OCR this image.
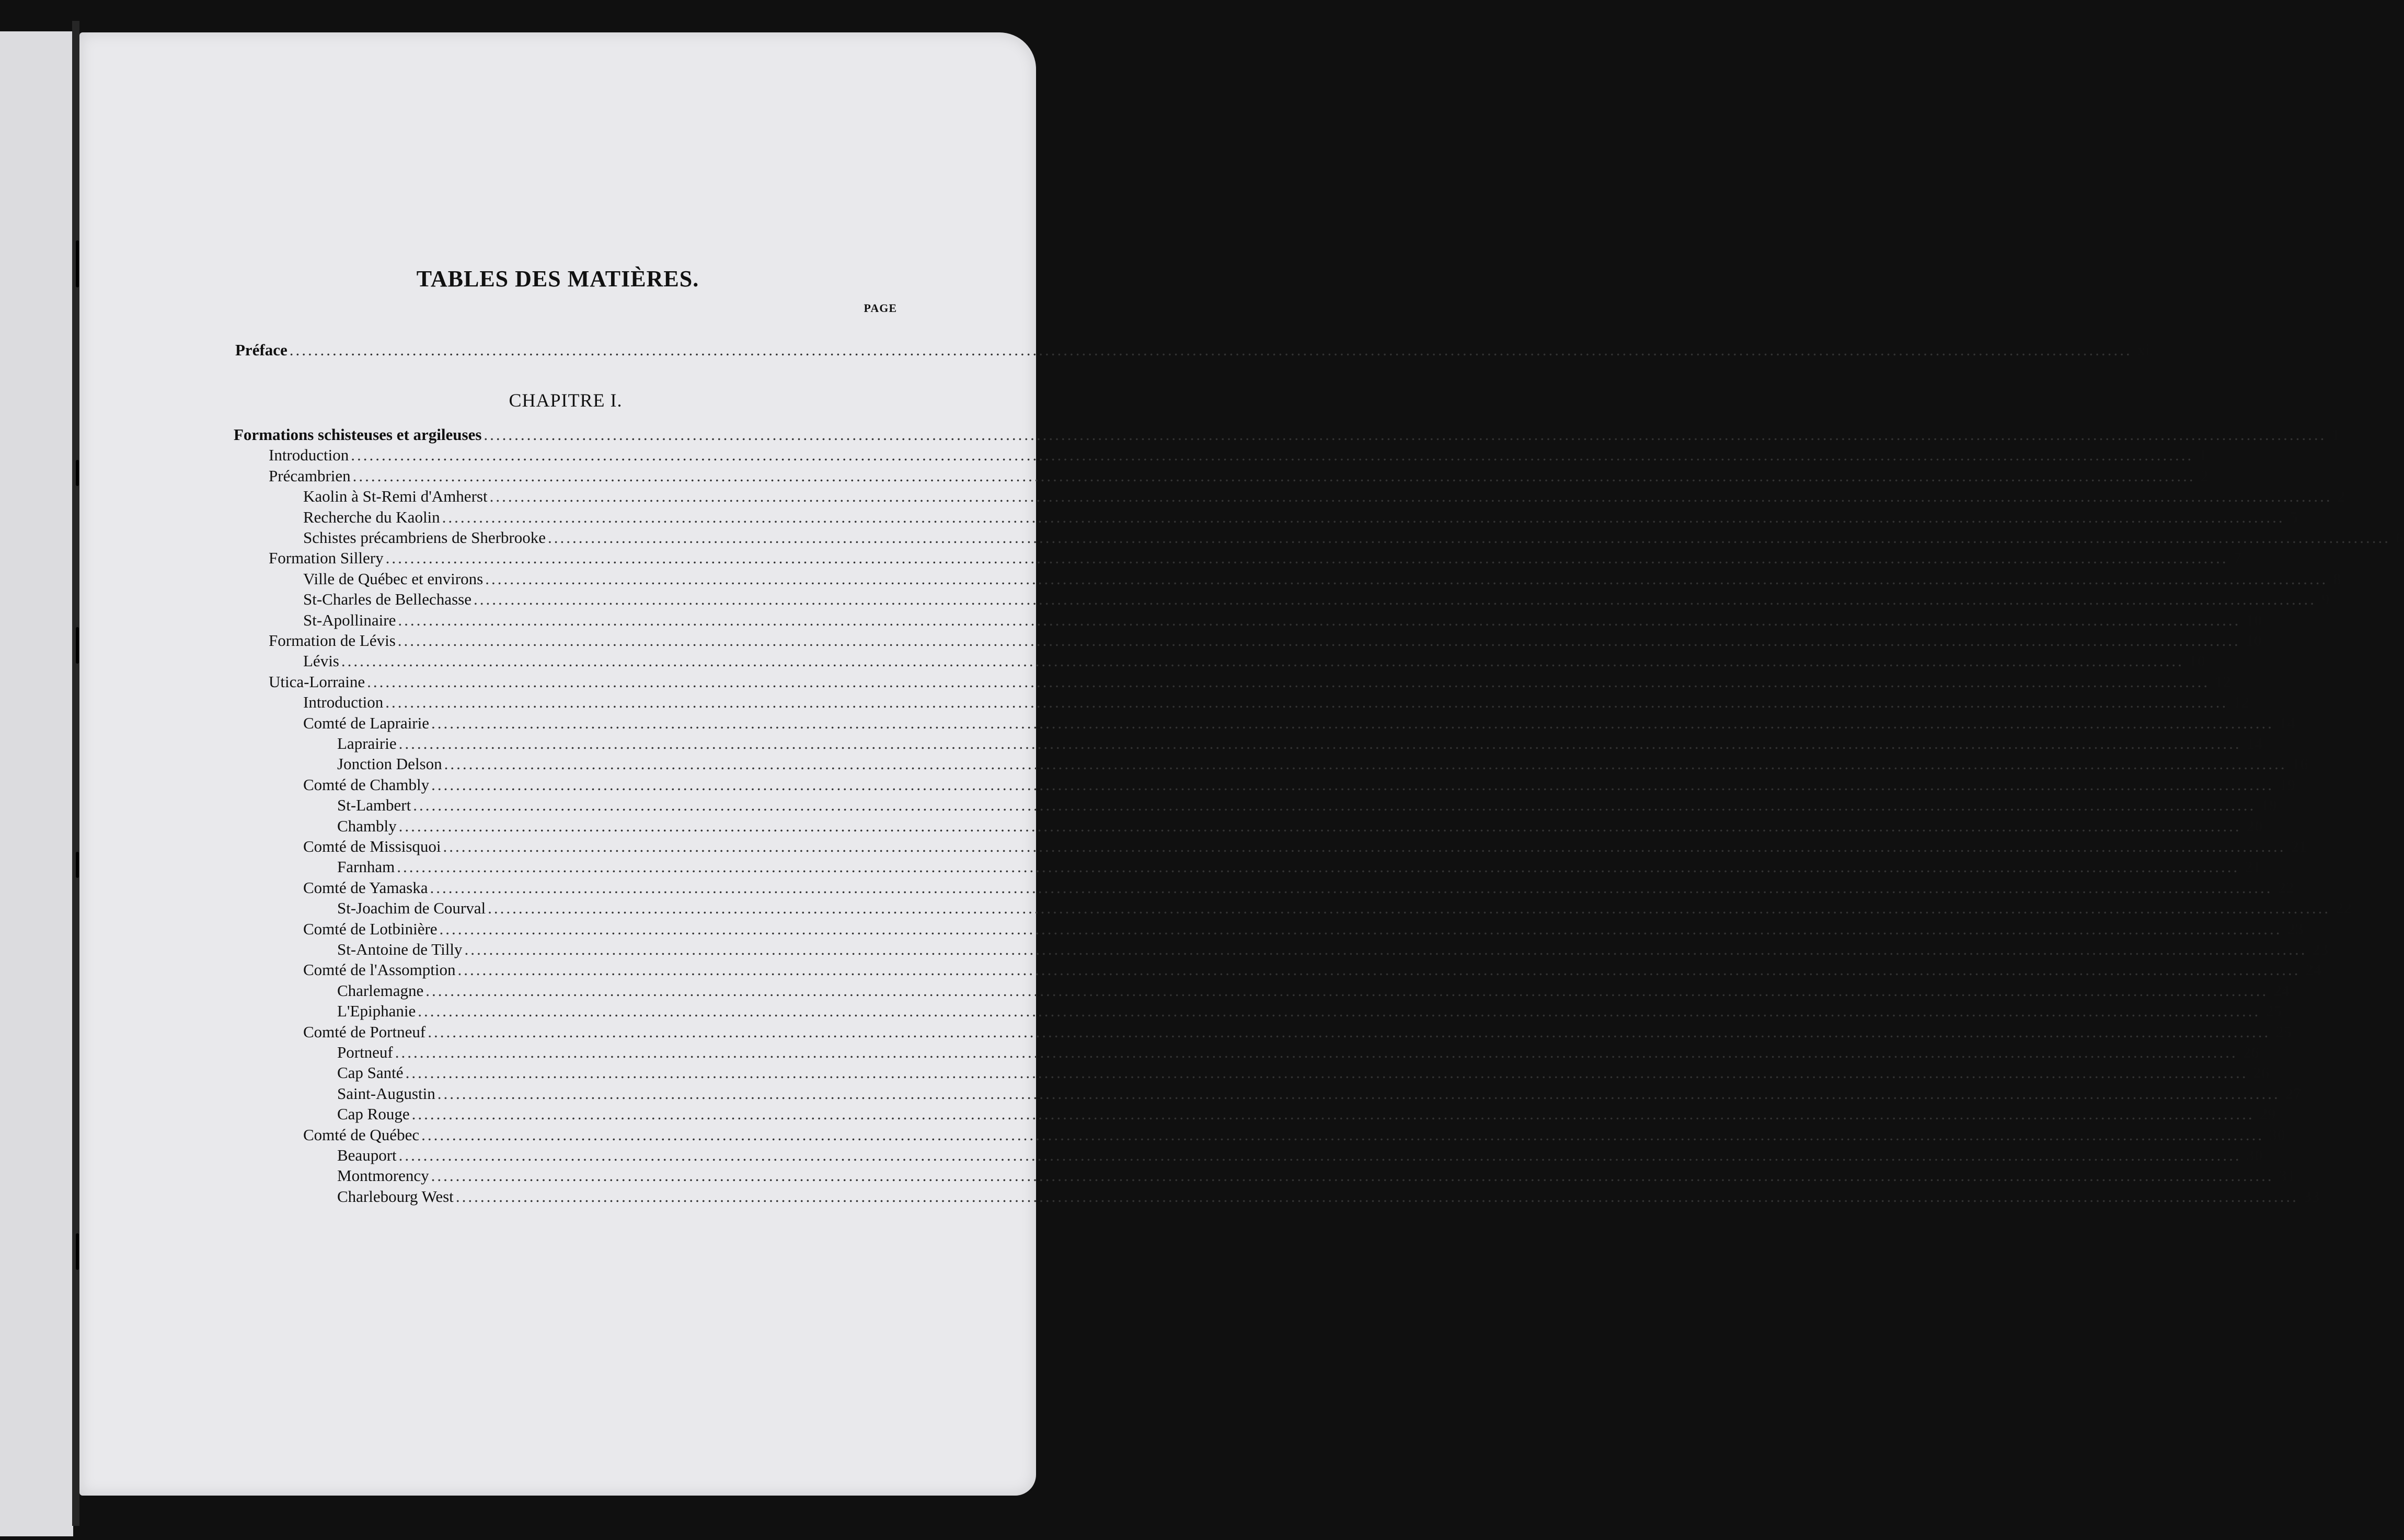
TABLES DES MATIÈRES.
PAGE
Préface ............................................................................................................................................................................................................................................................................................................ xi
CHAPITRE I.
Formations schisteuses et argileuses ............................................................................................................................................................................................................................................................................................................ 1
Introduction ............................................................................................................................................................................................................................................................................................................ 1
Précambrien ............................................................................................................................................................................................................................................................................................................ 2
Kaolin à St-Remi d'Amherst ............................................................................................................................................................................................................................................................................................................ 2
Recherche du Kaolin ............................................................................................................................................................................................................................................................................................................ 5
Schistes précambriens de Sherbrooke ............................................................................................................................................................................................................................................................................................................ 6
Formation Sillery ............................................................................................................................................................................................................................................................................................................ 7
Ville de Québec et environs ............................................................................................................................................................................................................................................................................................................ 8
St-Charles de Bellechasse ............................................................................................................................................................................................................................................................................................................ 9
St-Apollinaire ............................................................................................................................................................................................................................................................................................................ 10
Formation de Lévis ............................................................................................................................................................................................................................................................................................................ 10
Lévis ............................................................................................................................................................................................................................................................................................................ 10
Utica-Lorraine ............................................................................................................................................................................................................................................................................................................ 12
Introduction ............................................................................................................................................................................................................................................................................................................ 12
Comté de Laprairie ............................................................................................................................................................................................................................................................................................................ 14
Laprairie ............................................................................................................................................................................................................................................................................................................ 14
Jonction Delson ............................................................................................................................................................................................................................................................................................................ 16
Comté de Chambly ............................................................................................................................................................................................................................................................................................................ 19
St-Lambert ............................................................................................................................................................................................................................................................................................................ 19
Chambly ............................................................................................................................................................................................................................................................................................................ 20
Comté de Missisquoi ............................................................................................................................................................................................................................................................................................................ 21
Farnham ............................................................................................................................................................................................................................................................................................................ 21
Comté de Yamaska ............................................................................................................................................................................................................................................................................................................ 22
St-Joachim de Courval ............................................................................................................................................................................................................................................................................................................ 22
Comté de Lotbinière ............................................................................................................................................................................................................................................................................................................ 23
St-Antoine de Tilly ............................................................................................................................................................................................................................................................................................................ 23
Comté de l'Assomption ............................................................................................................................................................................................................................................................................................................ 24
Charlemagne ............................................................................................................................................................................................................................................................................................................ 24
L'Epiphanie ............................................................................................................................................................................................................................................................................................................ 25
Comté de Portneuf ............................................................................................................................................................................................................................................................................................................ 25
Portneuf ............................................................................................................................................................................................................................................................................................................ 26
Cap Santé ............................................................................................................................................................................................................................................................................................................ 26
Saint-Augustin ............................................................................................................................................................................................................................................................................................................ 27
Cap Rouge ............................................................................................................................................................................................................................................................................................................ 29
Comté de Québec ............................................................................................................................................................................................................................................................................................................ 30
Beauport ............................................................................................................................................................................................................................................................................................................ 30
Montmorency ............................................................................................................................................................................................................................................................................................................ 31
Charlebourg West ............................................................................................................................................................................................................................................................................................................ 33
